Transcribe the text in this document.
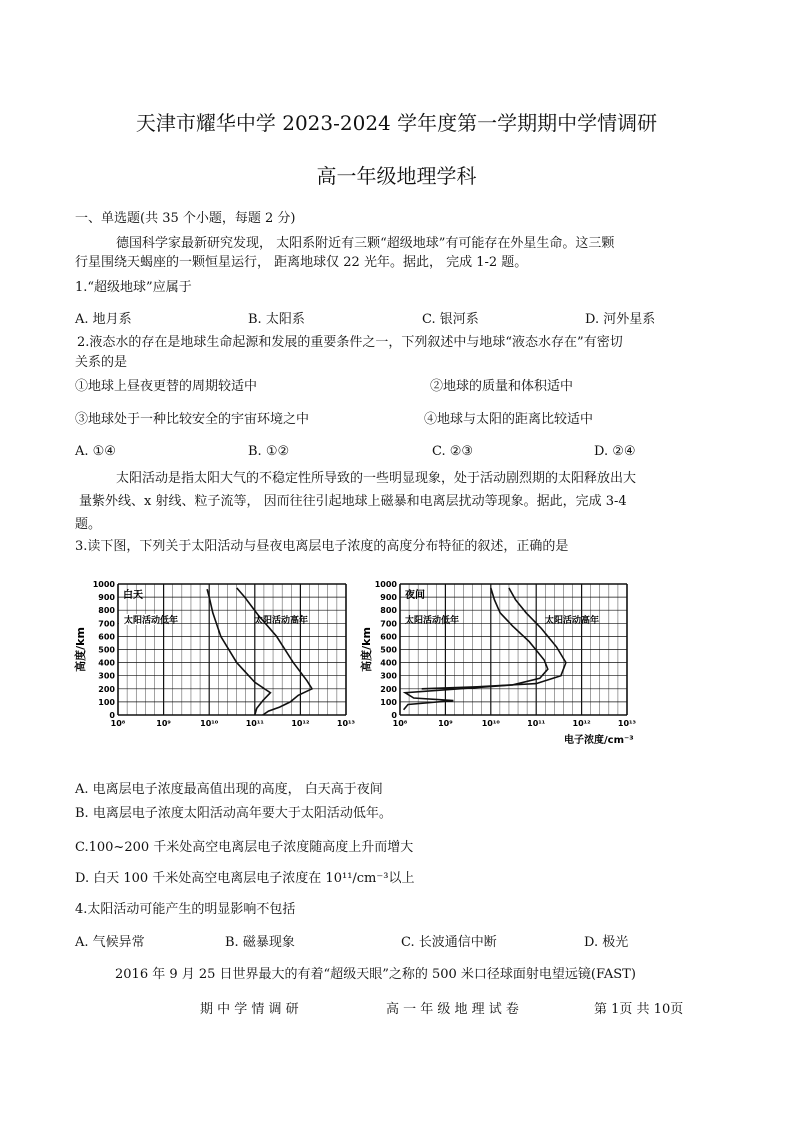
天津市耀华中学 2023-2024 学年度第一学期期中学情调研
高一年级地理学科
一、单选题(共 35 个小题，每题 2 分)
德国科学家最新研究发现， 太阳系附近有三颗“超级地球”有可能存在外星生命。这三颗
行星围绕天蝎座的一颗恒星运行， 距离地球仅 22 光年。据此， 完成 1-2 题。
1.“超级地球”应属于
A. 地月系	B. 太阳系	C. 银河系	D. 河外星系
2.液态水的存在是地球生命起源和发展的重要条件之一，下列叙述中与地球“液态水存在”有密切
关系的是
①地球上昼夜更替的周期较适中	②地球的质量和体积适中
③地球处于一种比较安全的宇宙环境之中	④地球与太阳的距离比较适中
A. ①④	B. ①②	C. ②③	D. ②④
太阳活动是指太阳大气的不稳定性所导致的一些明显现象，处于活动剧烈期的太阳释放出大
量紫外线、x 射线、粒子流等， 因而往往引起地球上磁暴和电离层扰动等现象。据此，完成 3-4
题。
3.读下图，下列关于太阳活动与昼夜电离层电子浓度的高度分布特征的叙述，正确的是
0
100
200
300
400
500
600
700
800
900
1000
10⁸	10⁹	10¹⁰	10¹¹	10¹²	10¹³
高度/km
白天
太阳活动低年	太阳活动高年
0
100
200
300
400
500
600
700
800
900
1000
10⁸	10⁹	10¹⁰	10¹¹	10¹²	10¹³
高度/km
夜间
太阳活动低年	太阳活动高年
电子浓度/cm⁻³
A. 电离层电子浓度最高值出现的高度， 白天高于夜间
B. 电离层电子浓度太阳活动高年要大于太阳活动低年。
C.100~200 千米处高空电离层电子浓度随高度上升而增大
D. 白天 100 千米处高空电离层电子浓度在 10¹¹/cm⁻³以上
4.太阳活动可能产生的明显影响不包括
A. 气候异常	B. 磁暴现象	C. 长波通信中断	D. 极光
2016 年 9 月 25 日世界最大的有着“超级天眼”之称的 500 米口径球面射电望远镜(FAST)
期 中 学 情 调 研	高 一 年 级 地 理 试 卷	第 1页 共 10页
